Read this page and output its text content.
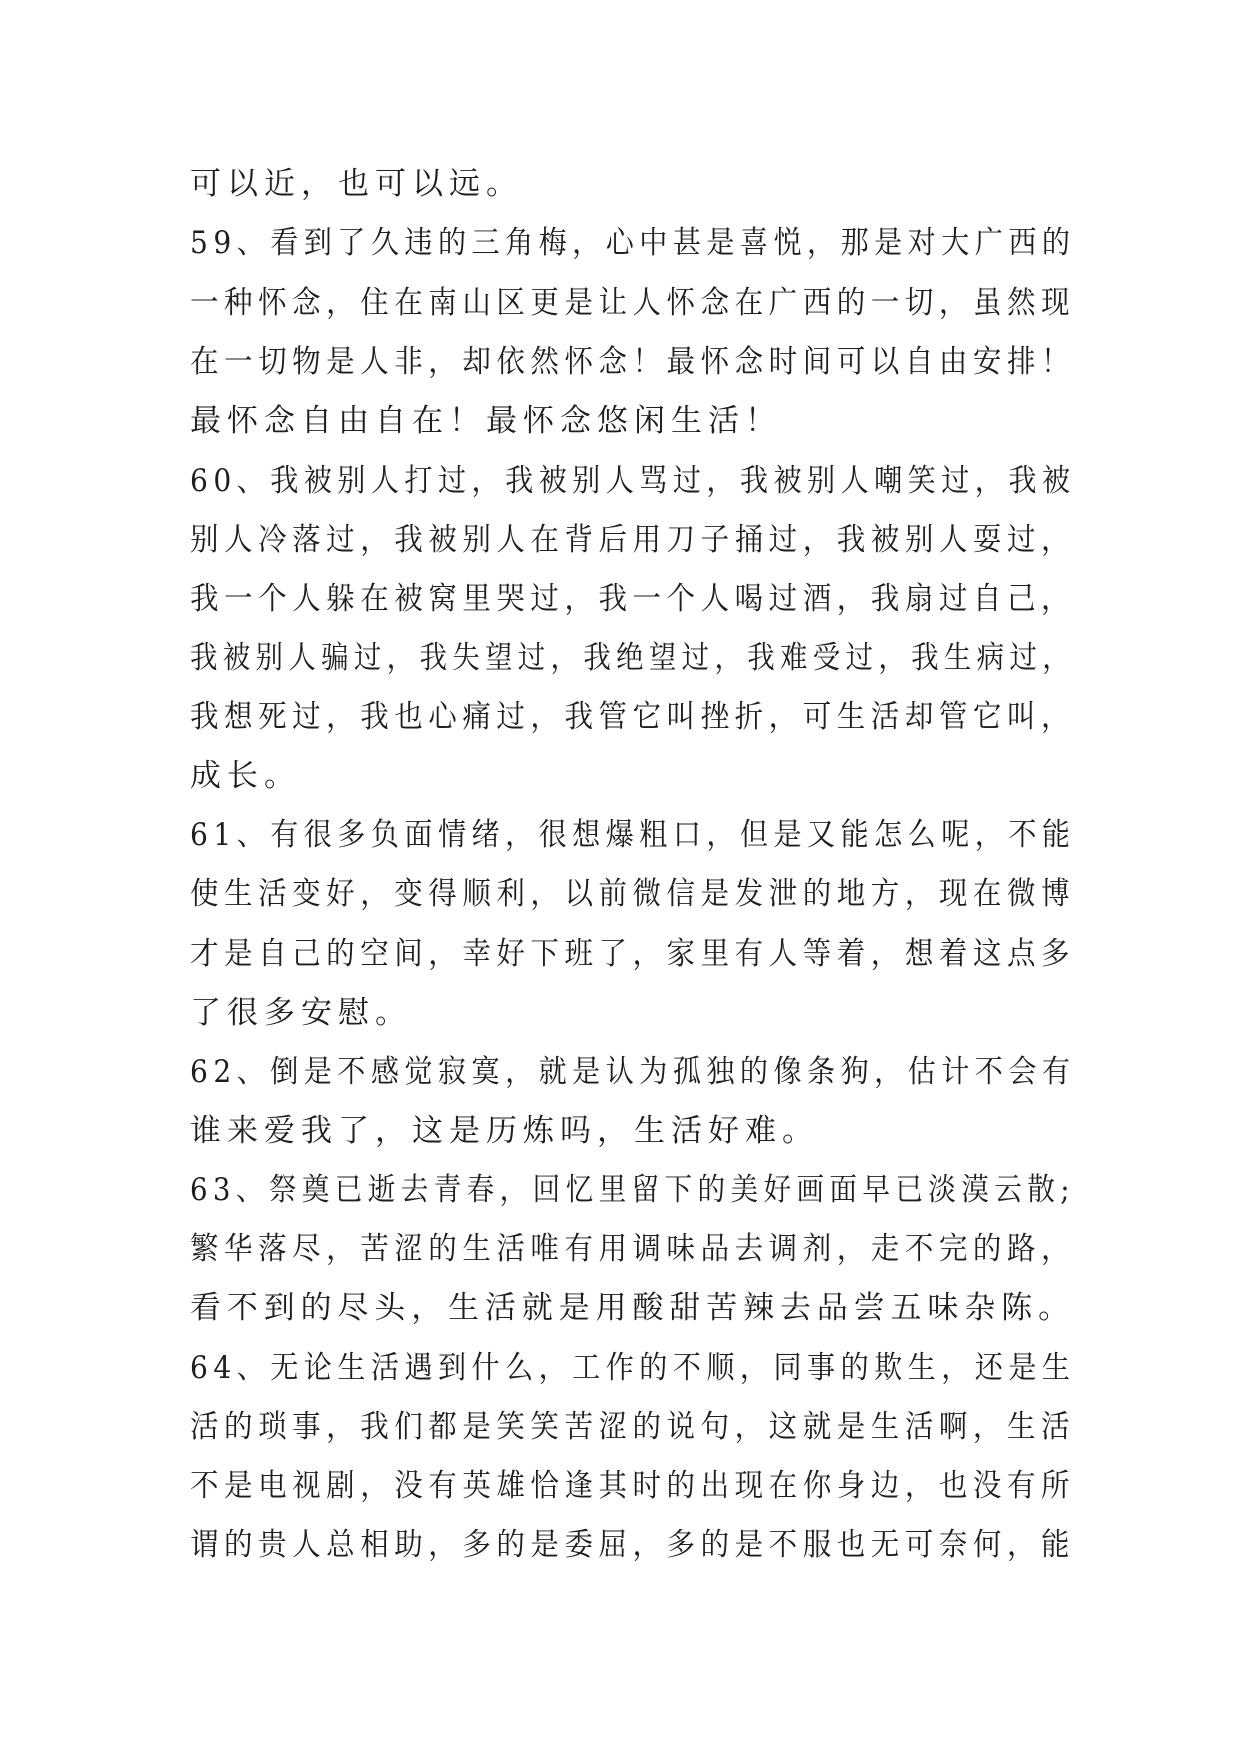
可以近，也可以远。
59、看到了久违的三角梅，心中甚是喜悦，那是对大广西的
一种怀念，住在南山区更是让人怀念在广西的一切，虽然现
在一切物是人非，却依然怀念！最怀念时间可以自由安排！
最怀念自由自在！最怀念悠闲生活！
60、我被别人打过，我被别人骂过，我被别人嘲笑过，我被
别人冷落过，我被别人在背后用刀子捅过，我被别人耍过，
我一个人躲在被窝里哭过，我一个人喝过酒，我扇过自己，
我被别人骗过，我失望过，我绝望过，我难受过，我生病过，
我想死过，我也心痛过，我管它叫挫折，可生活却管它叫，
成长。
61、有很多负面情绪，很想爆粗口，但是又能怎么呢，不能
使生活变好，变得顺利，以前微信是发泄的地方，现在微博
才是自己的空间，幸好下班了，家里有人等着，想着这点多
了很多安慰。
62、倒是不感觉寂寞，就是认为孤独的像条狗，估计不会有
谁来爱我了，这是历炼吗，生活好难。
63、祭奠已逝去青春，回忆里留下的美好画面早已淡漠云散;
繁华落尽，苦涩的生活唯有用调味品去调剂，走不完的路，
看不到的尽头，生活就是用酸甜苦辣去品尝五味杂陈。
64、无论生活遇到什么，工作的不顺，同事的欺生，还是生
活的琐事，我们都是笑笑苦涩的说句，这就是生活啊，生活
不是电视剧，没有英雄恰逢其时的出现在你身边，也没有所
谓的贵人总相助，多的是委屈，多的是不服也无可奈何，能
